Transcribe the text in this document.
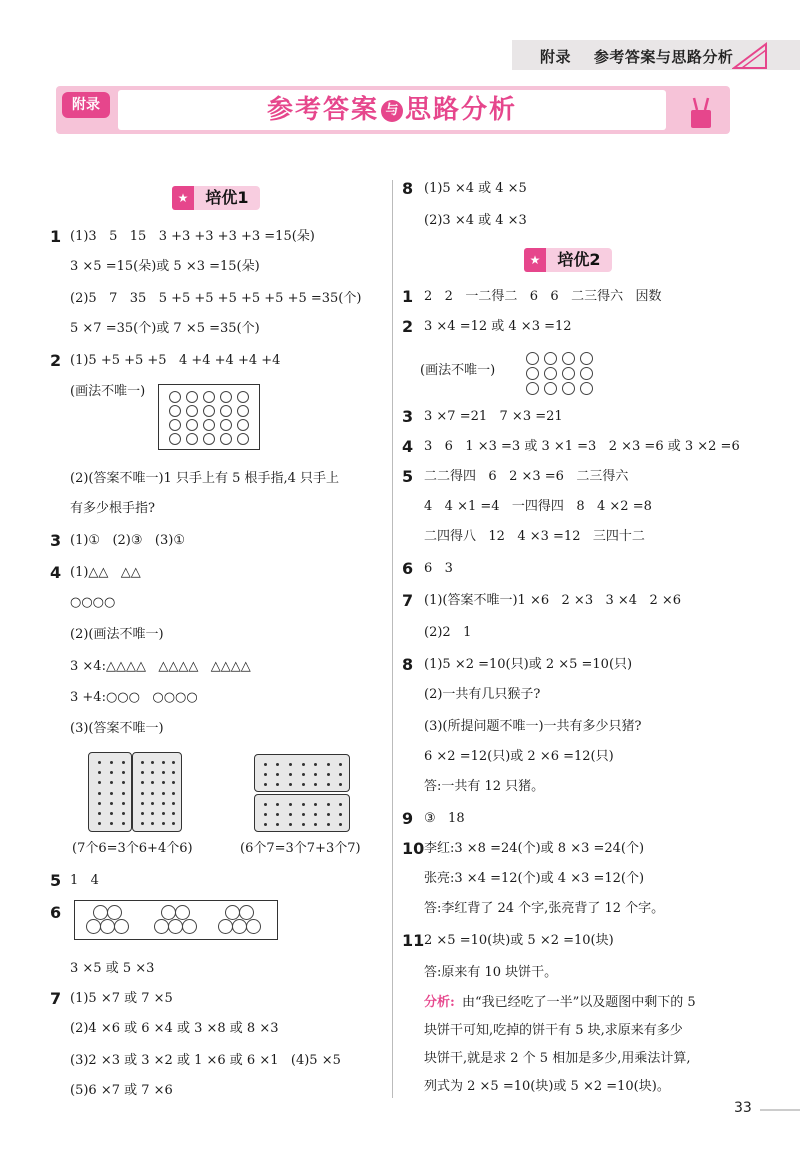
附录    参考答案与思路分析
附录	参考答案 与 思路分析
★	培优1
★	培优2
33
1 (1)3   5   15   3 +3 +3 +3 +3 =15(朵)
3 ×5 =15(朵)或 5 ×3 =15(朵)
(2)5   7   35   5 +5 +5 +5 +5 +5 +5 =35(个)
5 ×7 =35(个)或 7 ×5 =35(个)
2 (1)5 +5 +5 +5   4 +4 +4 +4 +4
(画法不唯一)
(2)(答案不唯一)1 只手上有 5 根手指,4 只手上
有多少根手指?
3 (1)①   (2)③   (3)①
4 (1)△△   △△
○○○○
(2)(画法不唯一)
3 ×4:△△△△   △△△△   △△△△
3 +4:○○○   ○○○○
(3)(答案不唯一)
(7个6=3个6+4个6)	(6个7=3个7+3个7)
5 1   4
6
3 ×5 或 5 ×3
7 (1)5 ×7 或 7 ×5
(2)4 ×6 或 6 ×4 或 3 ×8 或 8 ×3
(3)2 ×3 或 3 ×2 或 1 ×6 或 6 ×1   (4)5 ×5
(5)6 ×7 或 7 ×6
8 (1)5 ×4 或 4 ×5
(2)3 ×4 或 4 ×3
1 2   2   一二得二   6   6   二三得六   因数
2 3 ×4 =12 或 4 ×3 =12
(画法不唯一)
3 3 ×7 =21   7 ×3 =21
4 3   6   1 ×3 =3 或 3 ×1 =3   2 ×3 =6 或 3 ×2 =6
5 二二得四   6   2 ×3 =6   二三得六
4   4 ×1 =4   一四得四   8   4 ×2 =8
二四得八   12   4 ×3 =12   三四十二
6 6   3
7 (1)(答案不唯一)1 ×6   2 ×3   3 ×4   2 ×6
(2)2   1
8 (1)5 ×2 =10(只)或 2 ×5 =10(只)
(2)一共有几只猴子?
(3)(所提问题不唯一)一共有多少只猪?
6 ×2 =12(只)或 2 ×6 =12(只)
答:一共有 12 只猪。
9 ③   18
10 李红:3 ×8 =24(个)或 8 ×3 =24(个)
张亮:3 ×4 =12(个)或 4 ×3 =12(个)
答:李红背了 24 个字,张亮背了 12 个字。
11 2 ×5 =10(块)或 5 ×2 =10(块)
答:原来有 10 块饼干。
由“我已经吃了一半”以及题图中剩下的 5
块饼干可知,吃掉的饼干有 5 块,求原来有多少
块饼干,就是求 2 个 5 相加是多少,用乘法计算,
列式为 2 ×5 =10(块)或 5 ×2 =10(块)。
分析:
